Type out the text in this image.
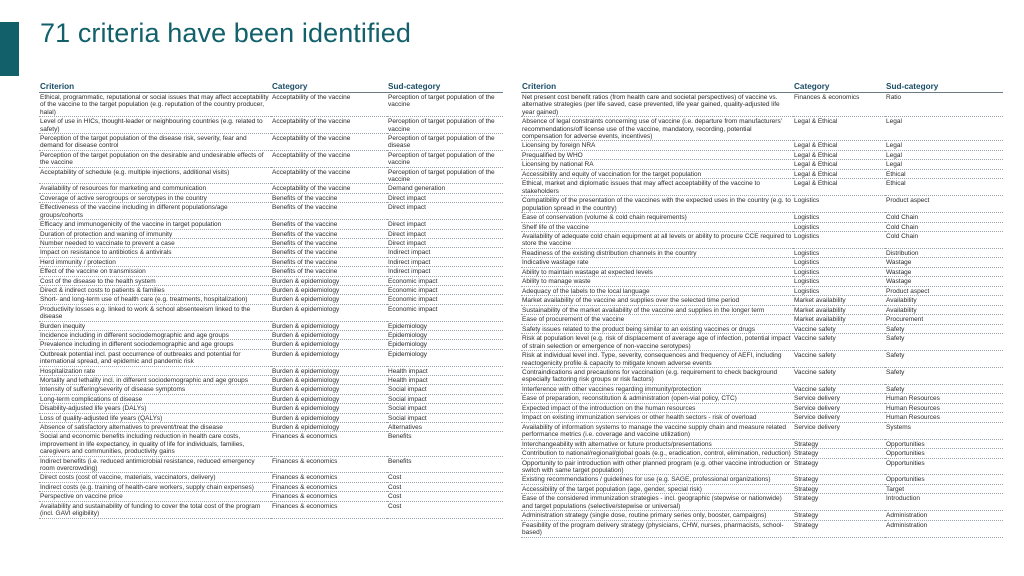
71 criteria have been identified
Criterion	Category	Sud-category
Ethical, programmatic, reputational or social issues that may affect acceptability of the vaccine to the target population (e.g. reputation of the country producer, halal)	Acceptability of the vaccine	Perception of target population of the vaccine
Level of use in HICs, thought-leader or neighbouring countries (e.g. related to safety)	Acceptability of the vaccine	Perception of target population of the vaccine
Perception of the target population of the disease risk, severity, fear and demand for disease control	Acceptability of the vaccine	Perception of target population of the disease
Perception of the target population on the desirable and undesirable effects of the vaccine	Acceptability of the vaccine	Perception of target population of the vaccine
Acceptability of schedule (e.g. multiple injections, additional visits)	Acceptability of the vaccine	Perception of target population of the vaccine
Availability of resources for marketing and communication	Acceptability of the vaccine	Demand generation
Coverage of active serogroups or serotypes in the country	Benefits of the vaccine	Direct impact
Effectiveness of the vaccine including in different populations/age groups/cohorts	Benefits of the vaccine	Direct impact
Efficacy and immunogenicity of the vaccine in target population	Benefits of the vaccine	Direct impact
Duration of protection and waning of immunity	Benefits of the vaccine	Direct impact
Number needed to vaccinate to prevent a case	Benefits of the vaccine	Direct impact
Impact on resistance to antibiotics & antivirals	Benefits of the vaccine	Indirect impact
Herd immunity / protection	Benefits of the vaccine	Indirect impact
Effect of the vaccine on transmission	Benefits of the vaccine	Indirect impact
Cost of the disease to the health system	Burden & epidemiology	Economic impact
Direct & indirect costs to patients & families	Burden & epidemiology	Economic impact
Short- and long-term use of health care (e.g. treatments, hospitalization)	Burden & epidemiology	Economic impact
Productivity losses e.g. linked to work & school absenteeism linked to the disease	Burden & epidemiology	Economic impact
Burden inequity	Burden & epidemiology	Epidemiology
Incidence including in different sociodemographic and age groups	Burden & epidemiology	Epidemiology
Prevalence including in different sociodemographic and age groups	Burden & epidemiology	Epidemiology
Outbreak potential incl. past occurrence of outbreaks and potential for international spread, and epidemic and pandemic risk	Burden & epidemiology	Epidemiology
Hospitalization rate	Burden & epidemiology	Health impact
Mortality and lethality incl. in different sociodemographic and age groups	Burden & epidemiology	Health impact
Intensity of suffering/severity of disease symptoms	Burden & epidemiology	Social impact
Long-term complications of disease	Burden & epidemiology	Social impact
Disability-adjusted life years (DALYs)	Burden & epidemiology	Social impact
Loss of quality-adjusted life years (QALYs)	Burden & epidemiology	Social impact
Absence of satisfactory alternatives to prevent/treat the disease	Burden & epidemiology	Alternatives
Social and economic benefits including reduction in health care costs, improvement in life expectancy, in quality of life for individuals, families, caregivers and communities, productivity gains	Finances & economics	Benefits
Indirect benefits (i.e. reduced antimicrobial resistance, reduced emergency room overcrowding)	Finances & economics	Benefits
Direct costs (cost of vaccine, materials, vaccinators, delivery)	Finances & economics	Cost
Indirect costs (e.g. training of health-care workers, supply chain expenses)	Finances & economics	Cost
Perspective on vaccine price	Finances & economics	Cost
Availability and sustainability of funding to cover the total cost of the program (incl. GAVI eligibility)	Finances & economics	Cost
Criterion	Category	Sud-category
Net present cost benefit ratios (from health care and societal perspectives) of vaccine vs. alternative strategies (per life saved, case prevented, life year gained, quality-adjusted life year gained)	Finances & economics	Ratio
Absence of legal constraints concerning use of vaccine (i.e. departure from manufacturers' recommendations/off license use of the vaccine, mandatory, recording, potential compensation for adverse events, incentives)	Legal & Ethical	Legal
Licensing by foreign NRA	Legal & Ethical	Legal
Prequalified by WHO	Legal & Ethical	Legal
Licensing by national RA	Legal & Ethical	Legal
Accessibility and equity of vaccination for the target population	Legal & Ethical	Ethical
Ethical, market and diplomatic issues that may affect acceptability of the vaccine to stakeholders	Legal & Ethical	Ethical
Compatibility of the presentation of the vaccines with the expected uses in the country (e.g. to population spread in the country)	Logistics	Product aspect
Ease of conservation (volume & cold chain requirements)	Logistics	Cold Chain
Shelf life of the vaccine	Logistics	Cold Chain
Availability of adequate cold chain equipment at all levels or ability to procure CCE required to store the vaccine	Logistics	Cold Chain
Readiness of the existing distribution channels in the country	Logistics	Distribution
Indicative wastage rate	Logistics	Wastage
Ability to maintain wastage at expected levels	Logistics	Wastage
Ability to manage waste	Logistics	Wastage
Adequacy of the labels to the local language	Logistics	Product aspect
Market availability of the vaccine and supplies over the selected time period	Market availability	Availability
Sustainability of the market availability of the vaccine and supplies in the longer term	Market availability	Availability
Ease of procurement of the vaccine	Market availability	Procurement
Safety issues related to the product being similar to an existing vaccines or drugs	Vaccine safety	Safety
Risk at population level (e.g. risk of displacement of average age of infection, potential impact of strain selection or emergence of non-vaccine serotypes)	Vaccine safety	Safety
Risk at individual level incl. Type, severity, consequences and frequency of AEFI, including reactogenicity profile & capacity to mitigate known adverse events	Vaccine safety	Safety
Contraindications and precautions for vaccination (e.g. requirement to check background especially factoring risk groups or risk factors)	Vaccine safety	Safety
Interference with other vaccines regarding immunity/protection	Vaccine safety	Safety
Ease of preparation, reconstitution & administration (open-vial policy, CTC)	Service delivery	Human Resources
Expected impact of the introduction on the human resources	Service delivery	Human Resources
Impact on existing immunization services or other health sectors - risk of overload	Service delivery	Human Resources
Availability of information systems to manage the vaccine supply chain and measure related performance metrics (i.e. coverage and vaccine utilization)	Service delivery	Systems
Interchangeability with alternative or future products/presentations	Strategy	Opportunities
Contribution to national/regional/global goals (e.g., eradication, control, elimination, reduction)	Strategy	Opportunities
Opportunity to pair introduction with other planned program (e.g. other vaccine introduction or switch with same target population)	Strategy	Opportunities
Existing recommendations / guidelines for use (e.g. SAGE, professional organizations)	Strategy	Opportunities
Accessibility of the target population (age, gender, special risk)	Strategy	Target
Ease of the considered immunization strategies - incl. geographic (stepwise or nationwide) and target populations (selective/stepwise or universal)	Strategy	Introduction
Administration strategy (single dose, routine primary series only, booster, campaigns)	Strategy	Administration
Feasibility of the program delivery strategy (physicians, CHW, nurses, pharmacists, school-based)	Strategy	Administration
